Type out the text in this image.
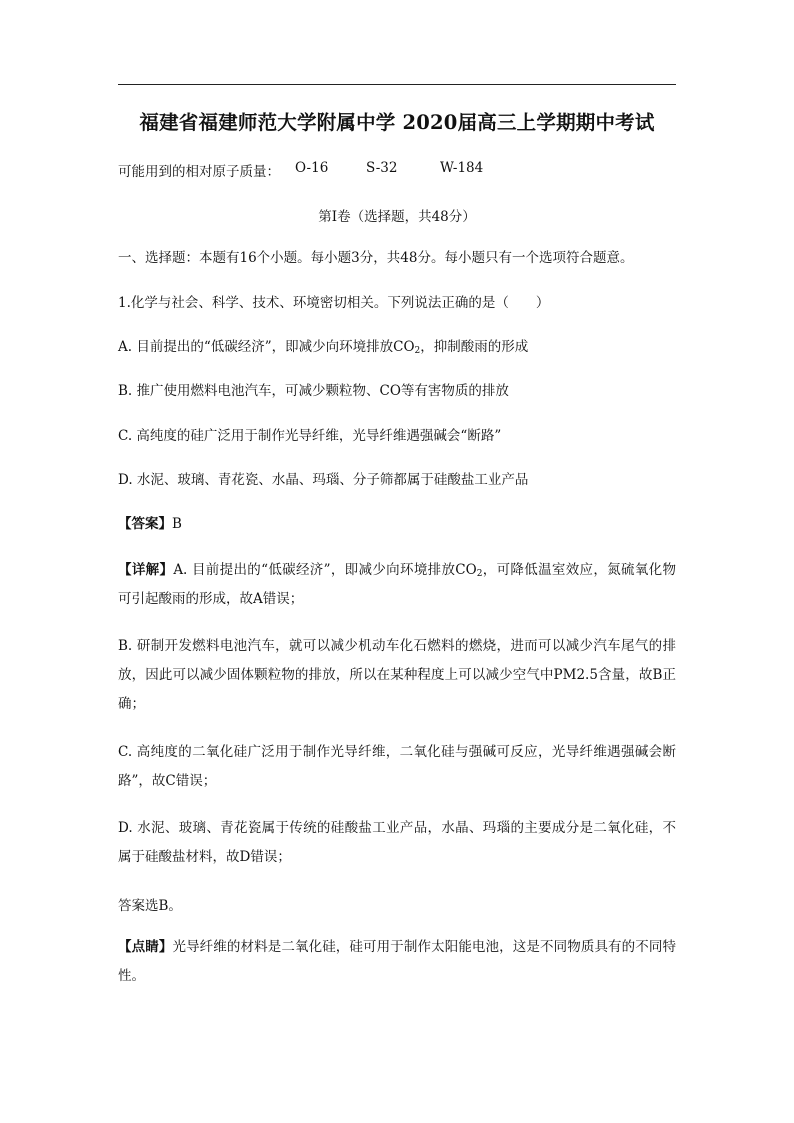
福建省福建师范大学附属中学 2020届高三上学期期中考试
可能用到的相对原子质量： O-16	S-32	W-184
第Ⅰ卷（选择题，共48分）
一、选择题：本题有16个小题。每小题3分，共48分。每小题只有一个选项符合题意。
1.化学与社会、科学、技术、环境密切相关。下列说法正确的是（　　）
A. 目前提出的“低碳经济”，即减少向环境排放$CO_2$，抑制酸雨的形成
B. 推广使用燃料电池汽车，可减少颗粒物、CO等有害物质的排放
C. 高纯度的硅广泛用于制作光导纤维，光导纤维遇强碱会“断路”
D. 水泥、玻璃、青花瓷、水晶、玛瑙、分子筛都属于硅酸盐工业产品
【答案】B
【详解】A. 目前提出的“低碳经济”，即减少向环境排放$CO_2$，可降低温室效应，氮硫氧化物可引起酸雨的形成，故A错误；
B. 研制开发燃料电池汽车，就可以减少机动车化石燃料的燃烧，进而可以减少汽车尾气的排放，因此可以减少固体颗粒物的排放，所以在某种程度上可以减少空气中PM2.5含量，故B正确；
C. 高纯度的二氧化硅广泛用于制作光导纤维，二氧化硅与强碱可反应，光导纤维遇强碱会断路”，故C错误；
D. 水泥、玻璃、青花瓷属于传统的硅酸盐工业产品，水晶、玛瑙的主要成分是二氧化硅，不属于硅酸盐材料，故D错误；
答案选B。
【点睛】光导纤维的材料是二氧化硅，硅可用于制作太阳能电池，这是不同物质具有的不同特性。
